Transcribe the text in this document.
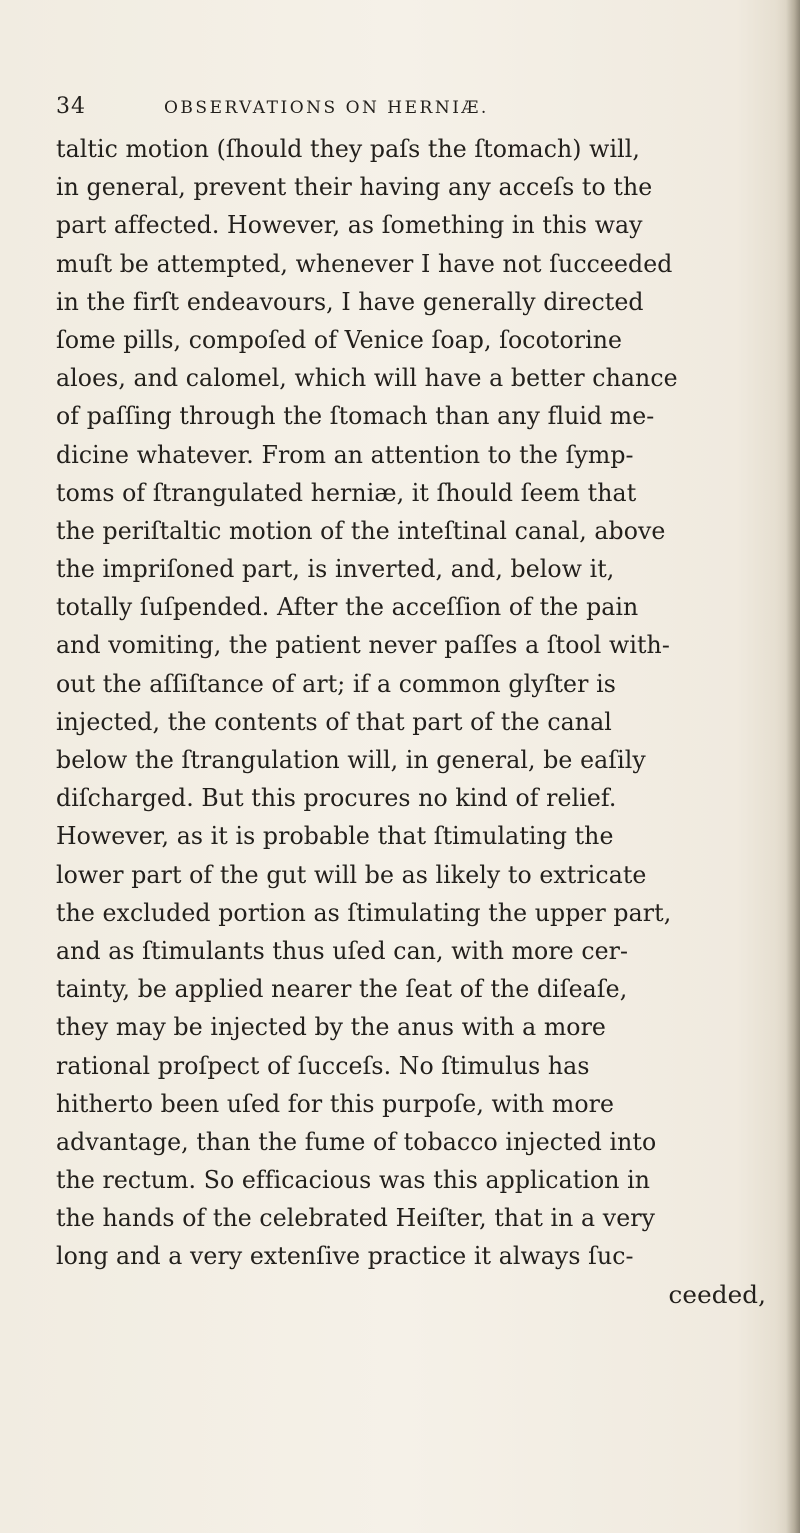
34	OBSERVATIONS ON HERNIÆ.
taltic motion (ſhould they paſs the ſtomach) will,
in general, prevent their having any acceſs to the
part affected. However, as ſomething in this way
muſt be attempted, whenever I have not ſucceeded
in the firſt endeavours, I have generally directed
ſome pills, compoſed of Venice ſoap, ſocotorine
aloes, and calomel, which will have a better chance
of paſſing through the ſtomach than any fluid me-
dicine whatever. From an attention to the ſymp-
toms of ſtrangulated herniæ, it ſhould ſeem that
the periſtaltic motion of the inteſtinal canal, above
the impriſoned part, is inverted, and, below it,
totally ſuſpended. After the acceſſion of the pain
and vomiting, the patient never paſſes a ſtool with-
out the aſſiſtance of art; if a common glyſter is
injected, the contents of that part of the canal
below the ſtrangulation will, in general, be eaſily
diſcharged. But this procures no kind of relief.
However, as it is probable that ſtimulating the
lower part of the gut will be as likely to extricate
the excluded portion as ſtimulating the upper part,
and as ſtimulants thus uſed can, with more cer-
tainty, be applied nearer the ſeat of the diſeaſe,
they may be injected by the anus with a more
rational proſpect of ſucceſs. No ſtimulus has
hitherto been uſed for this purpoſe, with more
advantage, than the fume of tobacco injected into
the rectum. So efficacious was this application in
the hands of the celebrated Heiſter, that in a very
long and a very extenſive practice it always ſuc-
ceeded,
